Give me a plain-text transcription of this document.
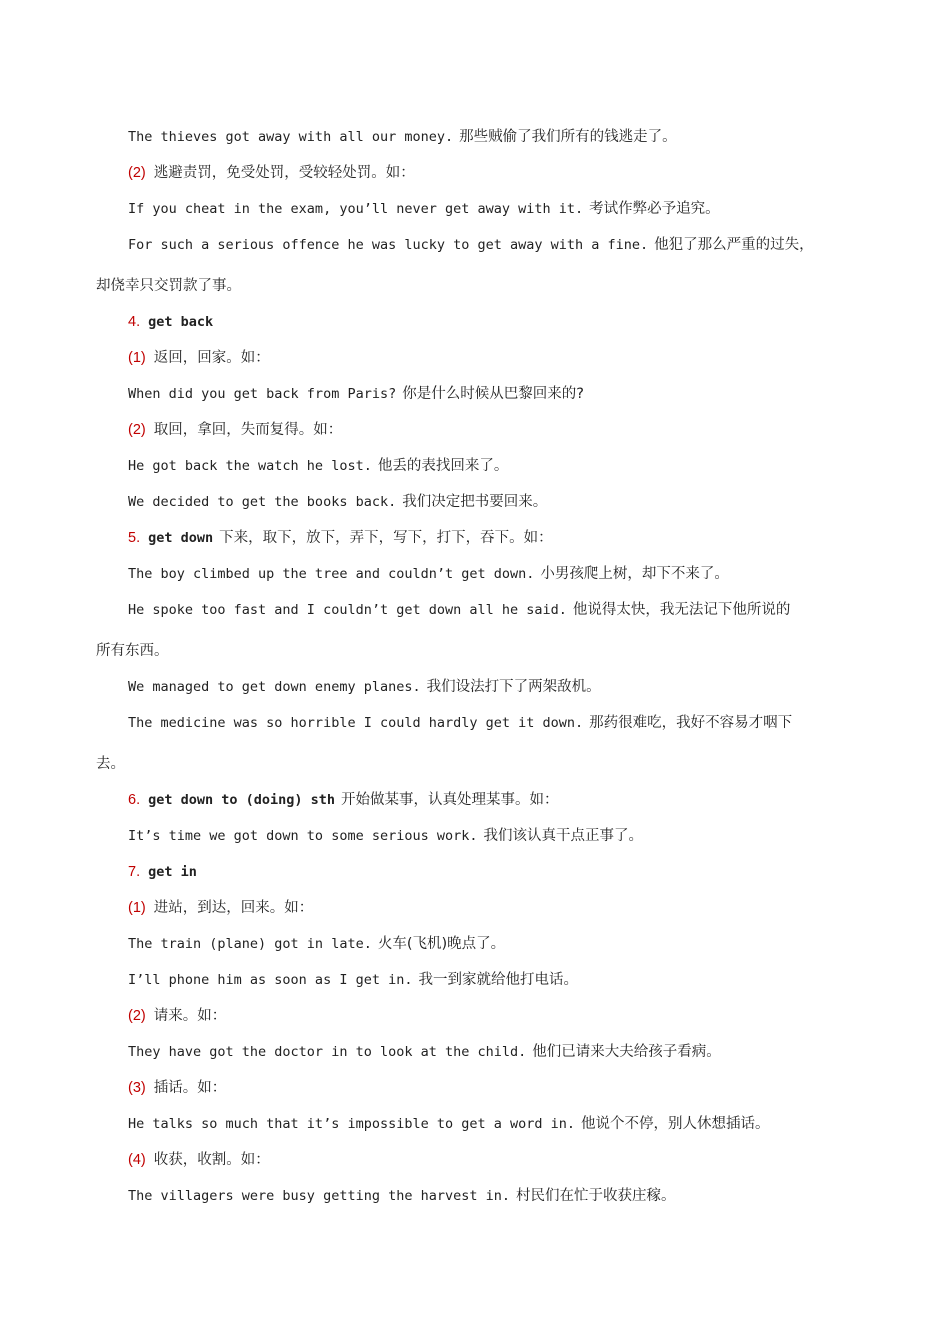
The thieves got away with all our money. 那些贼偷了我们所有的钱逃走了。
(2) 逃避责罚，免受处罚，受较轻处罚。如：
If you cheat in the exam, you’ll never get away with it. 考试作弊必予追究。
For such a serious offence he was lucky to get away with a fine. 他犯了那么严重的过失，
却侥幸只交罚款了事。
4. get back
(1) 返回，回家。如：
When did you get back from Paris? 你是什么时候从巴黎回来的?
(2) 取回，拿回，失而复得。如：
He got back the watch he lost. 他丢的表找回来了。
We decided to get the books back. 我们决定把书要回来。
5. get down 下来，取下，放下，弄下，写下，打下，吞下。如：
The boy climbed up the tree and couldn’t get down. 小男孩爬上树，却下不来了。
He spoke too fast and I couldn’t get down all he said. 他说得太快，我无法记下他所说的
所有东西。
We managed to get down enemy planes. 我们设法打下了两架敌机。
The medicine was so horrible I could hardly get it down. 那药很难吃，我好不容易才咽下
去。
6. get down to (doing) sth 开始做某事，认真处理某事。如：
It’s time we got down to some serious work. 我们该认真干点正事了。
7. get in
(1) 进站，到达，回来。如：
The train (plane) got in late. 火车(飞机)晚点了。
I’ll phone him as soon as I get in. 我一到家就给他打电话。
(2) 请来。如：
They have got the doctor in to look at the child. 他们已请来大夫给孩子看病。
(3) 插话。如：
He talks so much that it’s impossible to get a word in. 他说个不停，别人休想插话。
(4) 收获，收割。如：
The villagers were busy getting the harvest in. 村民们在忙于收获庄稼。
